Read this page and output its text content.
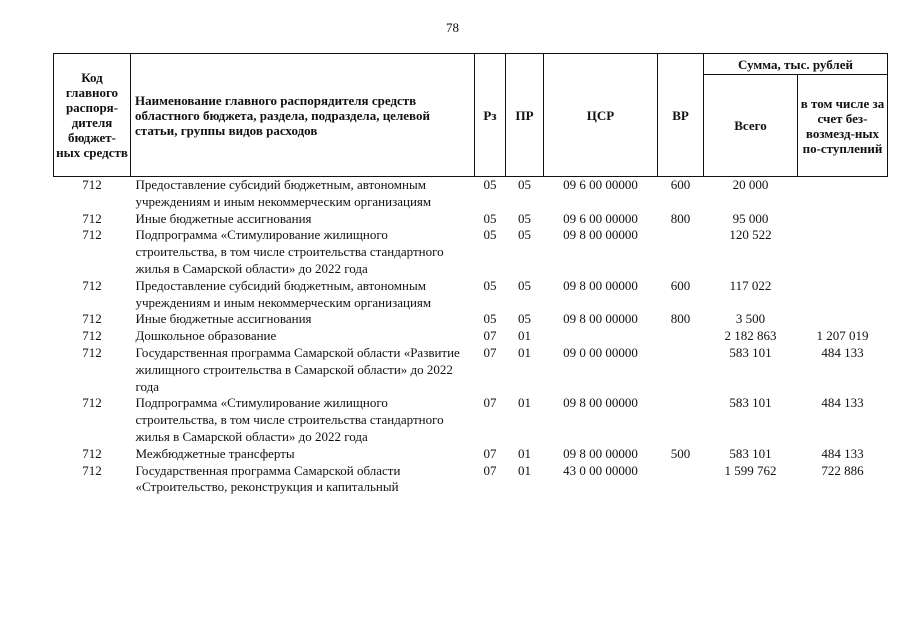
78
Код главного распоря-дителя бюджет-ных средств	Наименование главного распорядителя средств областного бюджета, раздела, подраздела, целевой статьи, группы видов расходов	Рз	ПР	ЦСР	ВР	Сумма, тыс. рублей	
						Всего	в том числе за счет без-возмезд-ных по-ступлений
712	Предоставление субсидий бюджетным, автономным учреждениям и иным некоммерческим организациям	05	05	09 6 00 00000	600	20 000	
712	Иные бюджетные ассигнования	05	05	09 6 00 00000	800	95 000	
712	Подпрограмма «Стимулирование жилищного строительства, в том числе строительства стандартного жилья в Самарской области» до 2022 года	05	05	09 8 00 00000		120 522	
712	Предоставление субсидий бюджетным, автономным учреждениям и иным некоммерческим организациям	05	05	09 8 00 00000	600	117 022	
712	Иные бюджетные ассигнования	05	05	09 8 00 00000	800	3 500	
712	Дошкольное образование	07	01			2 182 863	1 207 019
712	Государственная программа Самарской области «Развитие жилищного строительства в Самарской области» до 2022 года	07	01	09 0 00 00000		583 101	484 133
712	Подпрограмма «Стимулирование жилищного строительства, в том числе строительства стандартного жилья в Самарской области» до 2022 года	07	01	09 8 00 00000		583 101	484 133
712	Межбюджетные трансферты	07	01	09 8 00 00000	500	583 101	484 133
712	Государственная программа Самарской области «Строительство, реконструкция и капитальный	07	01	43 0 00 00000		1 599 762	722 886
